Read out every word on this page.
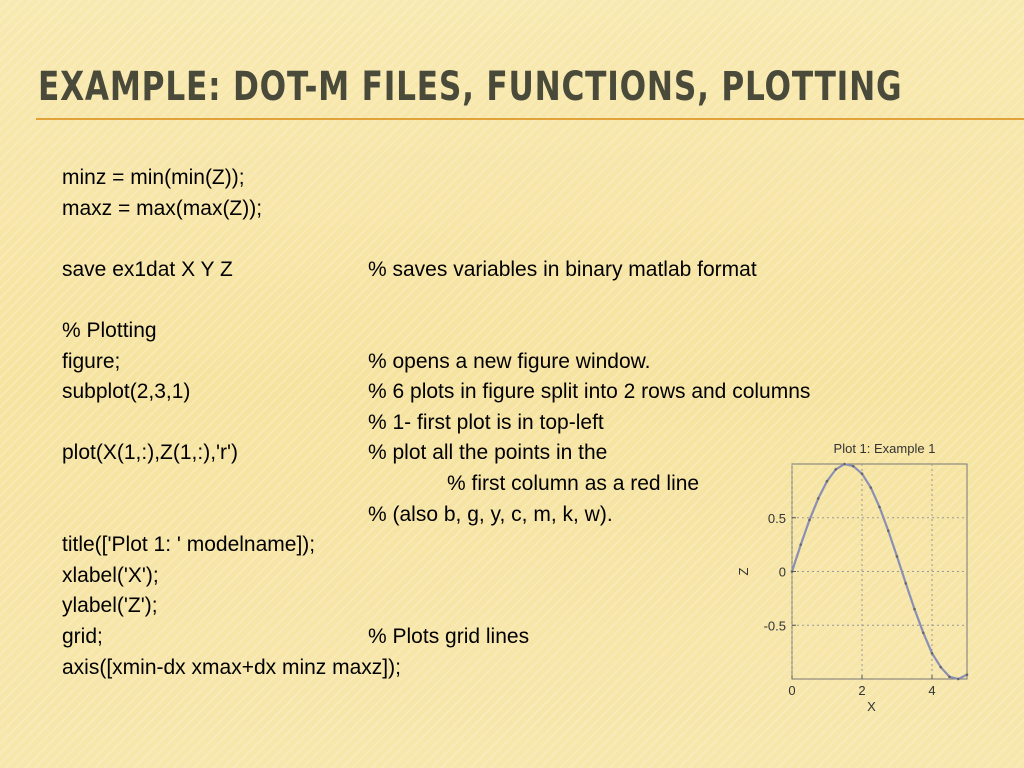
EXAMPLE: DOT-M FILES, FUNCTIONS, PLOTTING
minz = min(min(Z));
maxz = max(max(Z));
save ex1dat X Y Z	% saves variables in binary matlab format
% Plotting
figure;	% opens a new figure window.
subplot(2,3,1)	% 6 plots in figure split into 2 rows and columns
% 1- first plot is in top-left
plot(X(1,:),Z(1,:),'r')	% plot all the points in the
% first column as a red line
% (also b, g, y, c, m, k, w).
title(['Plot 1: ' modelname]);
xlabel('X');
ylabel('Z');
grid;	% Plots grid lines
axis([xmin-dx xmax+dx minz maxz]);
0	2	4
0.5
0
-0.5
Plot 1: Example 1
X
Z
